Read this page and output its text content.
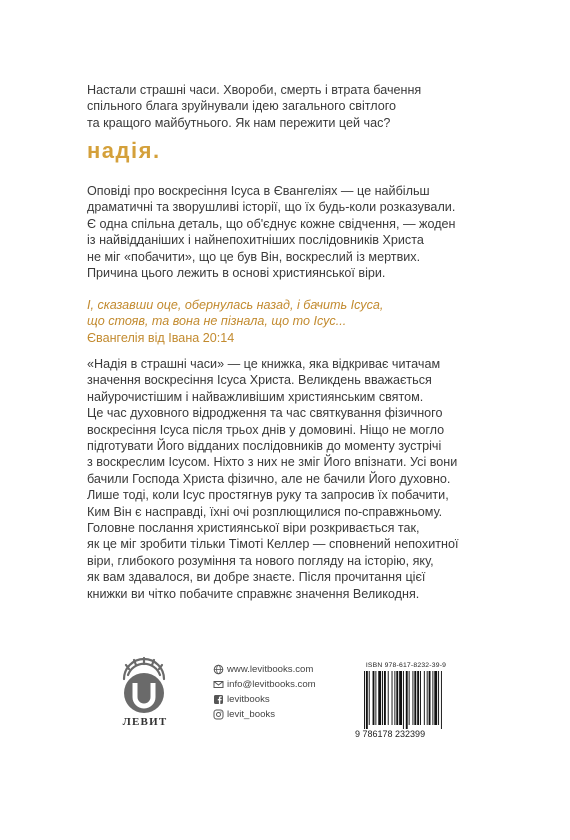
Настали страшні часи. Хвороби, смерть і втрата бачення
спільного блага зруйнували ідею загального світлого
та кращого майбутнього. Як нам пережити цей час?
надія.
Оповіді про воскресіння Ісуса в Євангеліях — це найбільш
драматичні та зворушливі історії, що їх будь-коли розказували.
Є одна спільна деталь, що об'єднує кожне свідчення, — жоден
із найвідданіших і найнепохитніших послідовників Христа
не міг «побачити», що це був Він, воскреслий із мертвих.
Причина цього лежить в основі християнської віри.
І, сказавши оце, обернулась назад, і бачить Ісуса,
що стояв, та вона не пізнала, що то Ісус...
Євангелія від Івана 20:14
«Надія в страшні часи» — це книжка, яка відкриває читачам
значення воскресіння Ісуса Христа. Великдень вважається
найурочистішим і найважливішим християнським святом.
Це час духовного відродження та час святкування фізичного
воскресіння Ісуса після трьох днів у домовині. Ніщо не могло
підготувати Його відданих послідовників до моменту зустрічі
з воскреслим Ісусом. Ніхто з них не зміг Його впізнати. Усі вони
бачили Господа Христа фізично, але не бачили Його духовно.
Лише тоді, коли Ісус простягнув руку та запросив їх побачити,
Ким Він є насправді, їхні очі розплющилися по-справжньому.
Головне послання християнської віри розкривається так,
як це міг зробити тільки Тімоті Келлер — сповнений непохитної
віри, глибокого розуміння та нового погляду на історію, яку,
як вам здавалося, ви добре знаєте. Після прочитання цієї
книжки ви чітко побачите справжнє значення Великодня.
ЛЕВИТ
www.levitbooks.com
info@levitbooks.com
levitbooks
levit_books
ISBN 978-617-8232-39-9
9 786178 232399
